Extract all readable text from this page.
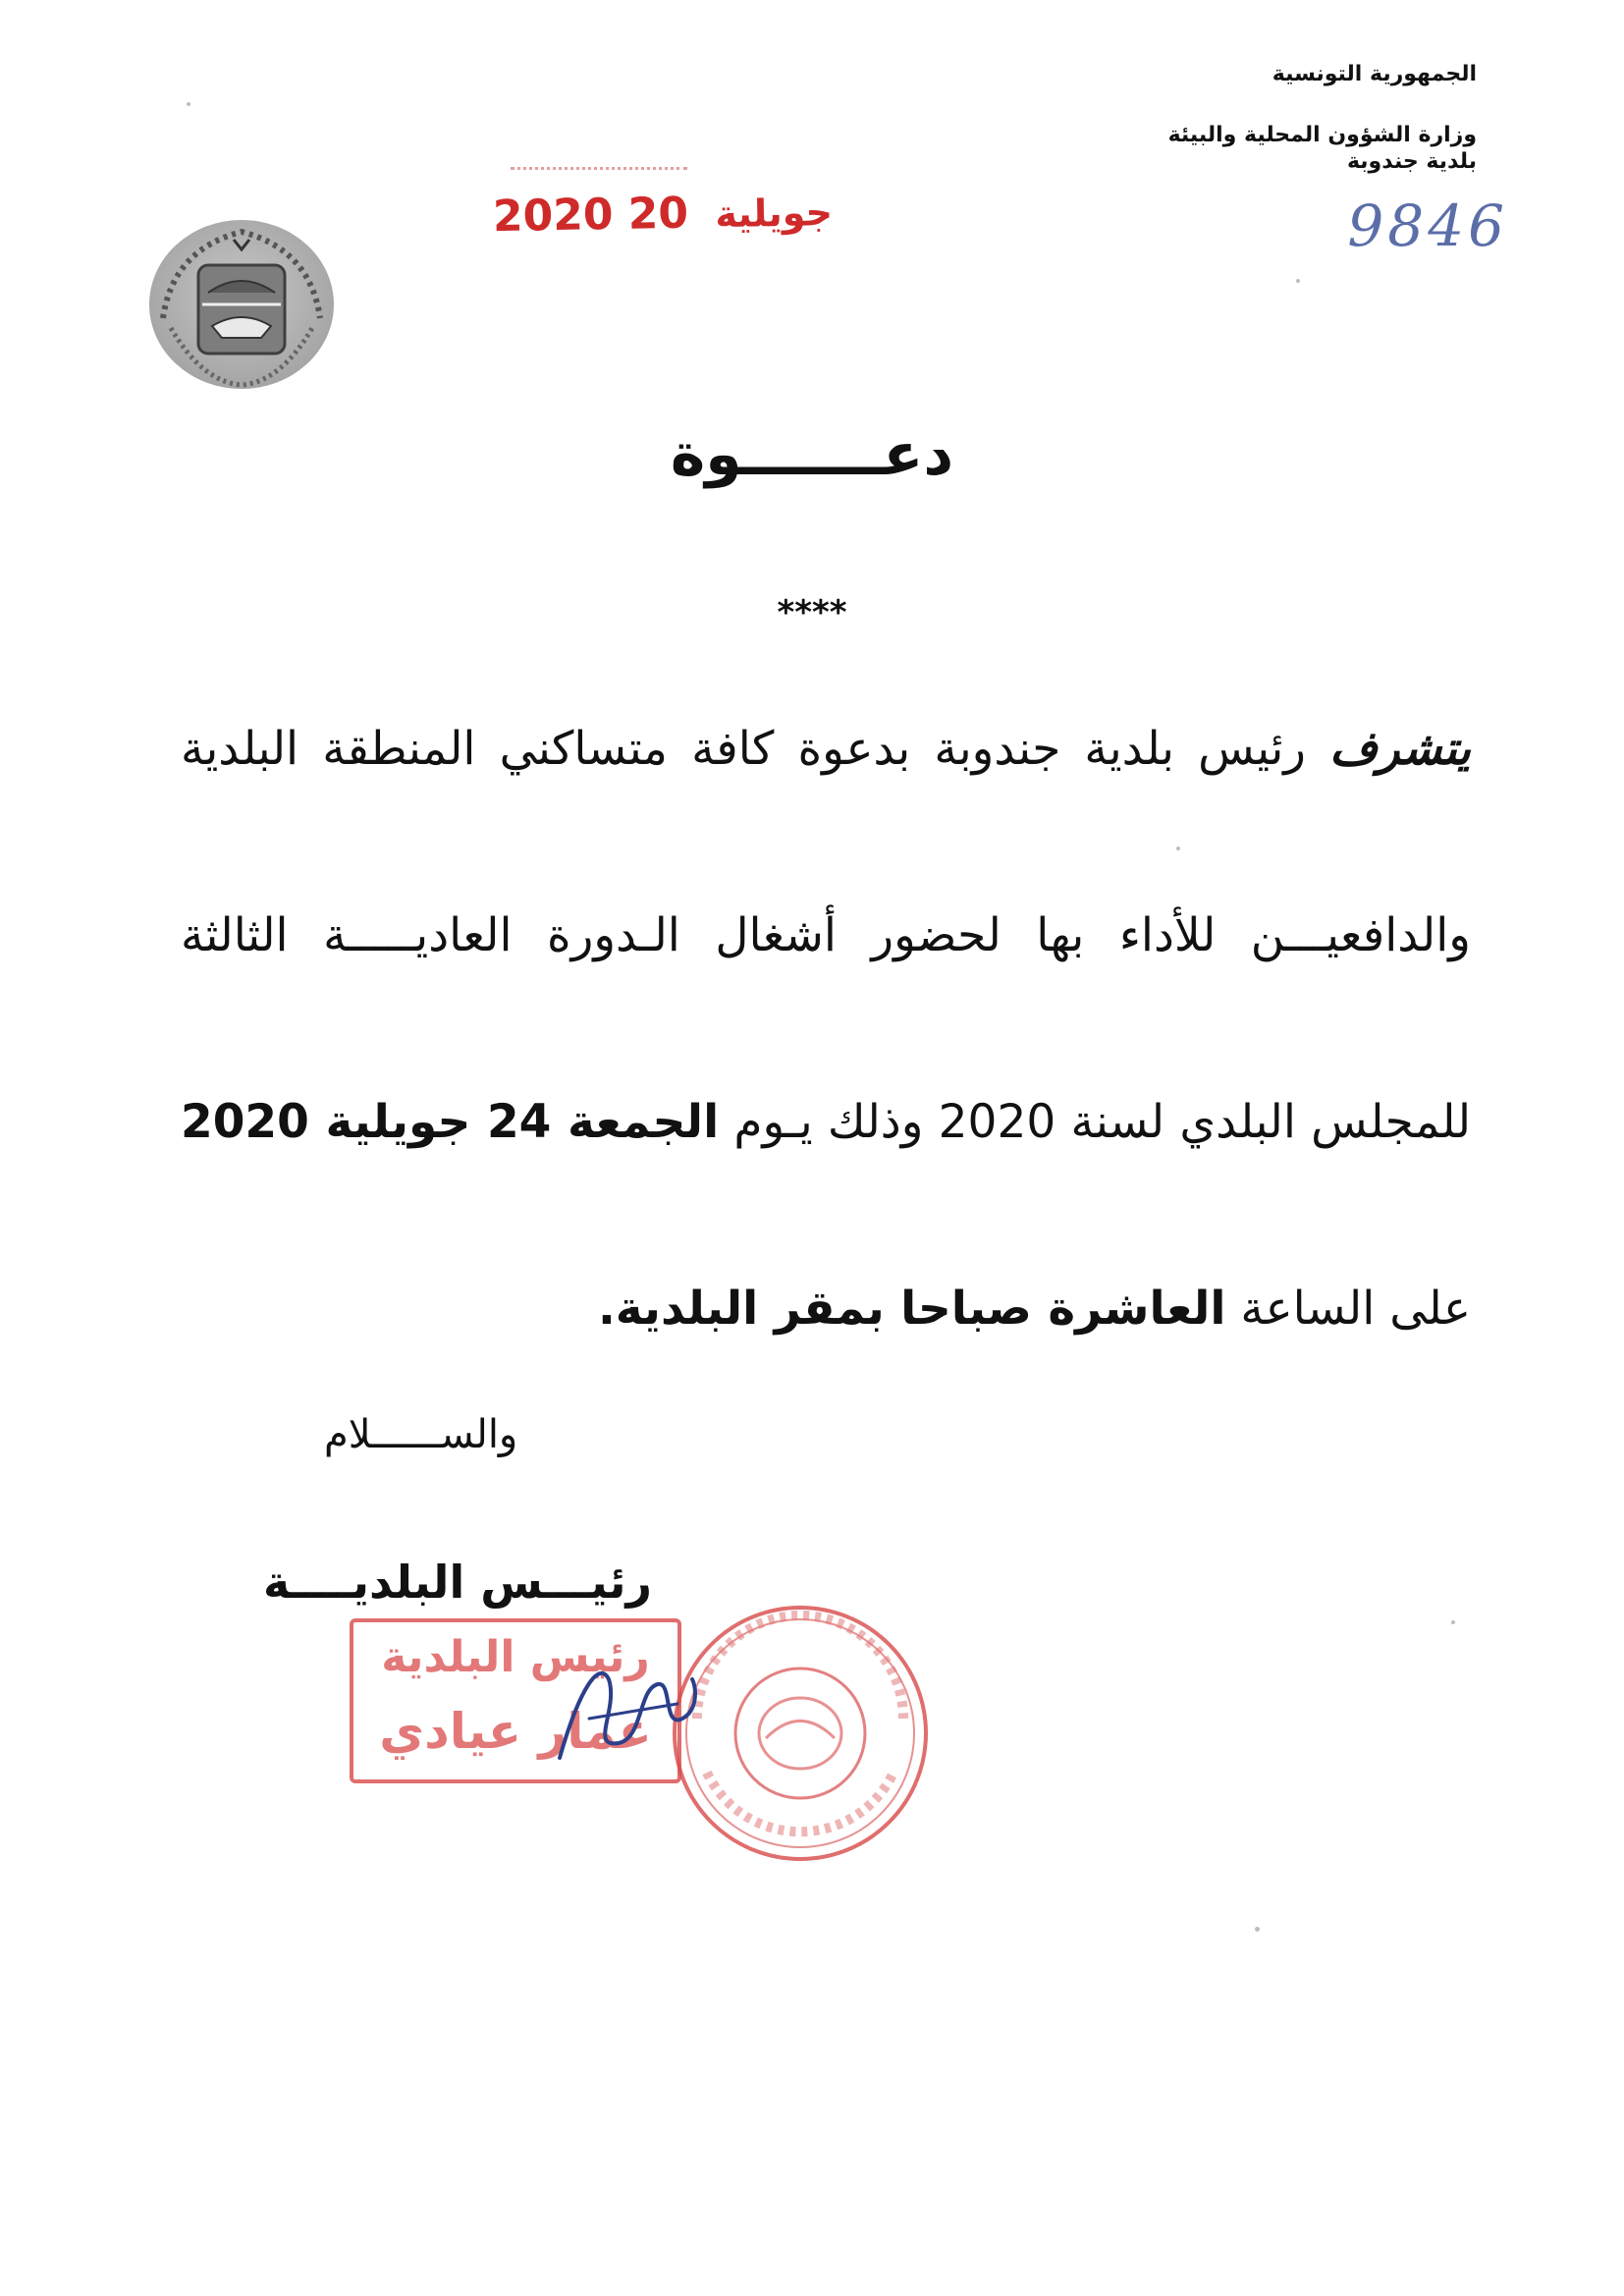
الجمهورية التونسية
وزارة الشؤون المحلية والبيئة
بلدية جندوبة
9846
2020	جويلية 20
دعـــــــوة
****
يتشرف رئيس بلدية جندوبة بدعوة كافة متساكني المنطقة البلدية
والدافعيـــن للأداء بها لحضور أشغال الـدورة العاديـــــة الثالثة
للمجلس البلدي لسنة 2020 وذلك يـوم الجمعة 24 جويلية 2020
على الساعة العاشرة صباحا بمقر البلدية.
والســــــلام
رئيـــس البلديــــة
رئيس البلدية
عمار عيادي
